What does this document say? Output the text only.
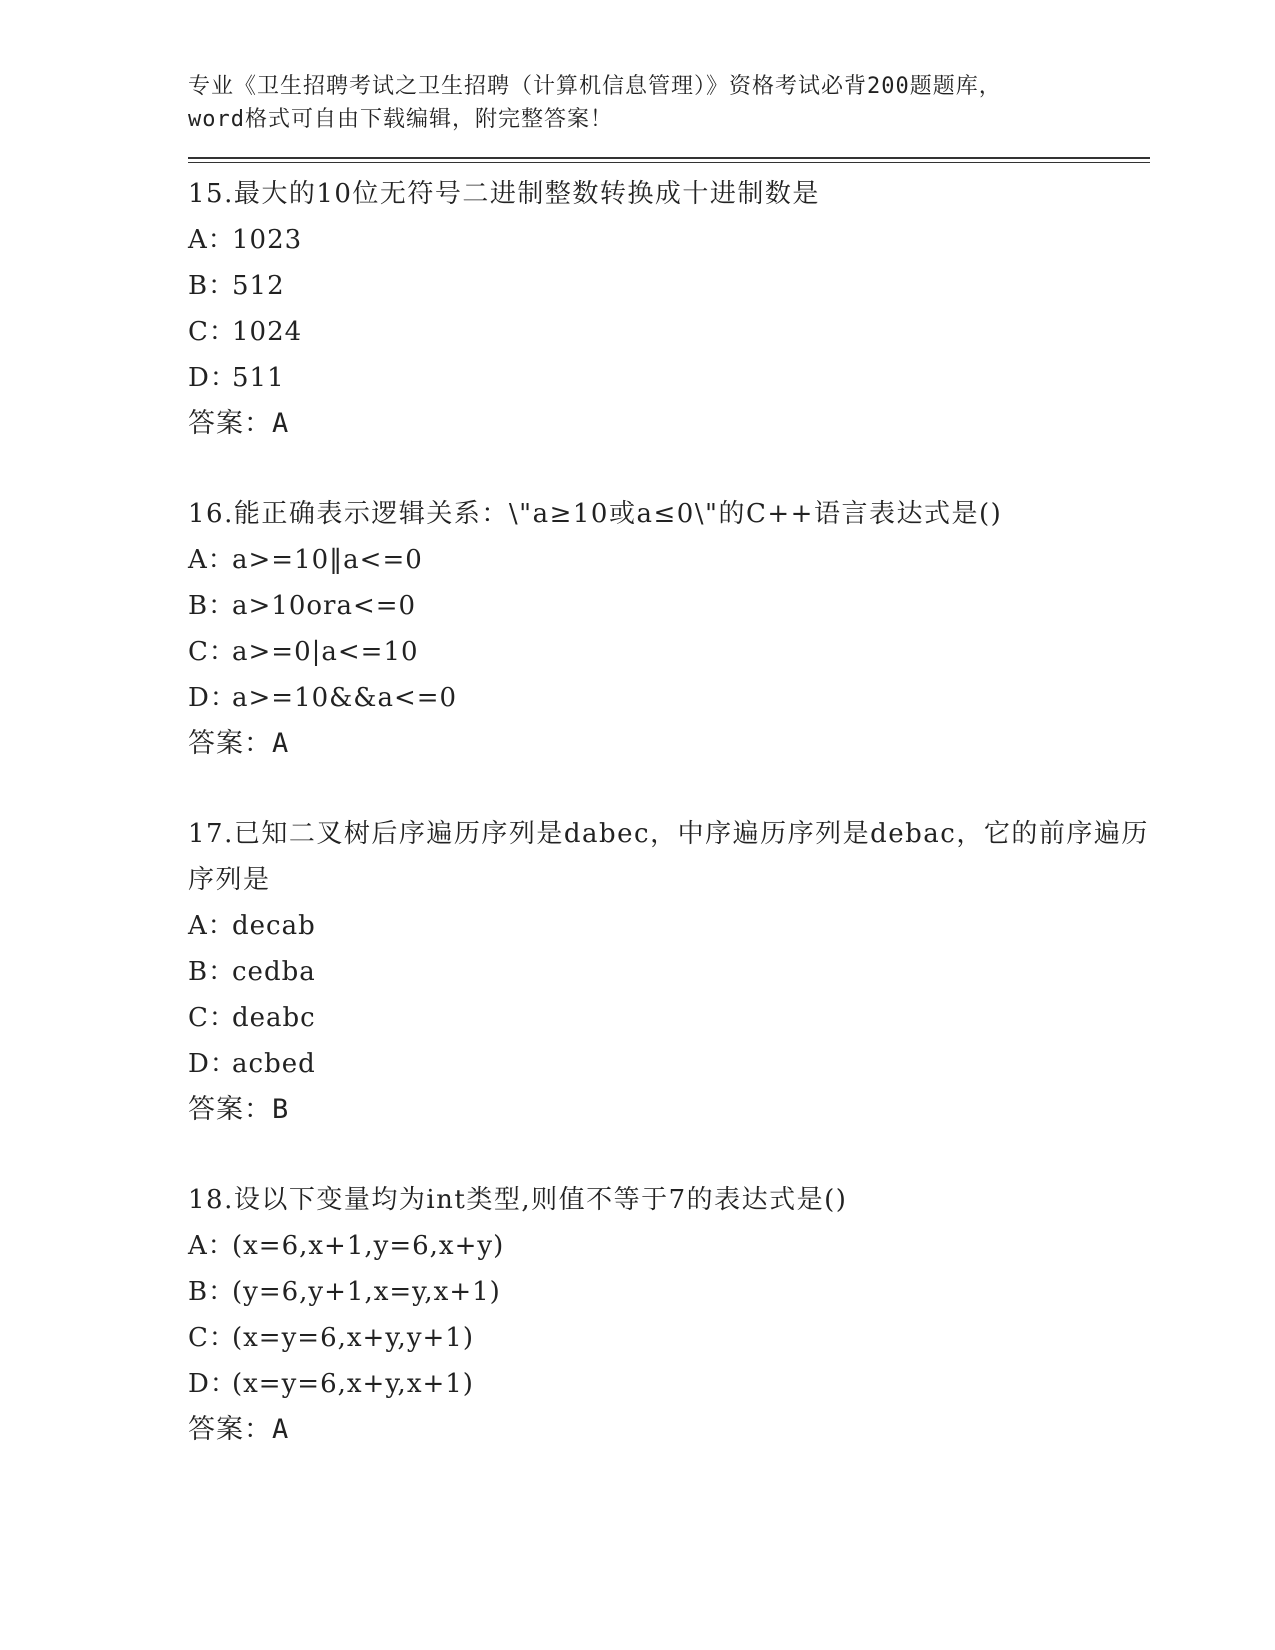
专业《卫生招聘考试之卫生招聘（计算机信息管理）》资格考试必背200题题库，
word格式可自由下载编辑，附完整答案！
15.最大的10位无符号二进制整数转换成十进制数是
A：1023
B：512
C：1024
D：511
答案：A
16.能正确表示逻辑关系：\"a≥10或a≤0\"的C++语言表达式是()
A：a>=10‖a<=0
B：a>10ora<=0
C：a>=0|a<=10
D：a>=10&&a<=0
答案：A
17.已知二叉树后序遍历序列是dabec，中序遍历序列是debac，它的前序遍历序列是
A：decab
B：cedba
C：deabc
D：acbed
答案：B
18.设以下变量均为int类型,则值不等于7的表达式是()
A：(x=6,x+1,y=6,x+y)
B：(y=6,y+1,x=y,x+1)
C：(x=y=6,x+y,y+1)
D：(x=y=6,x+y,x+1)
答案：A
